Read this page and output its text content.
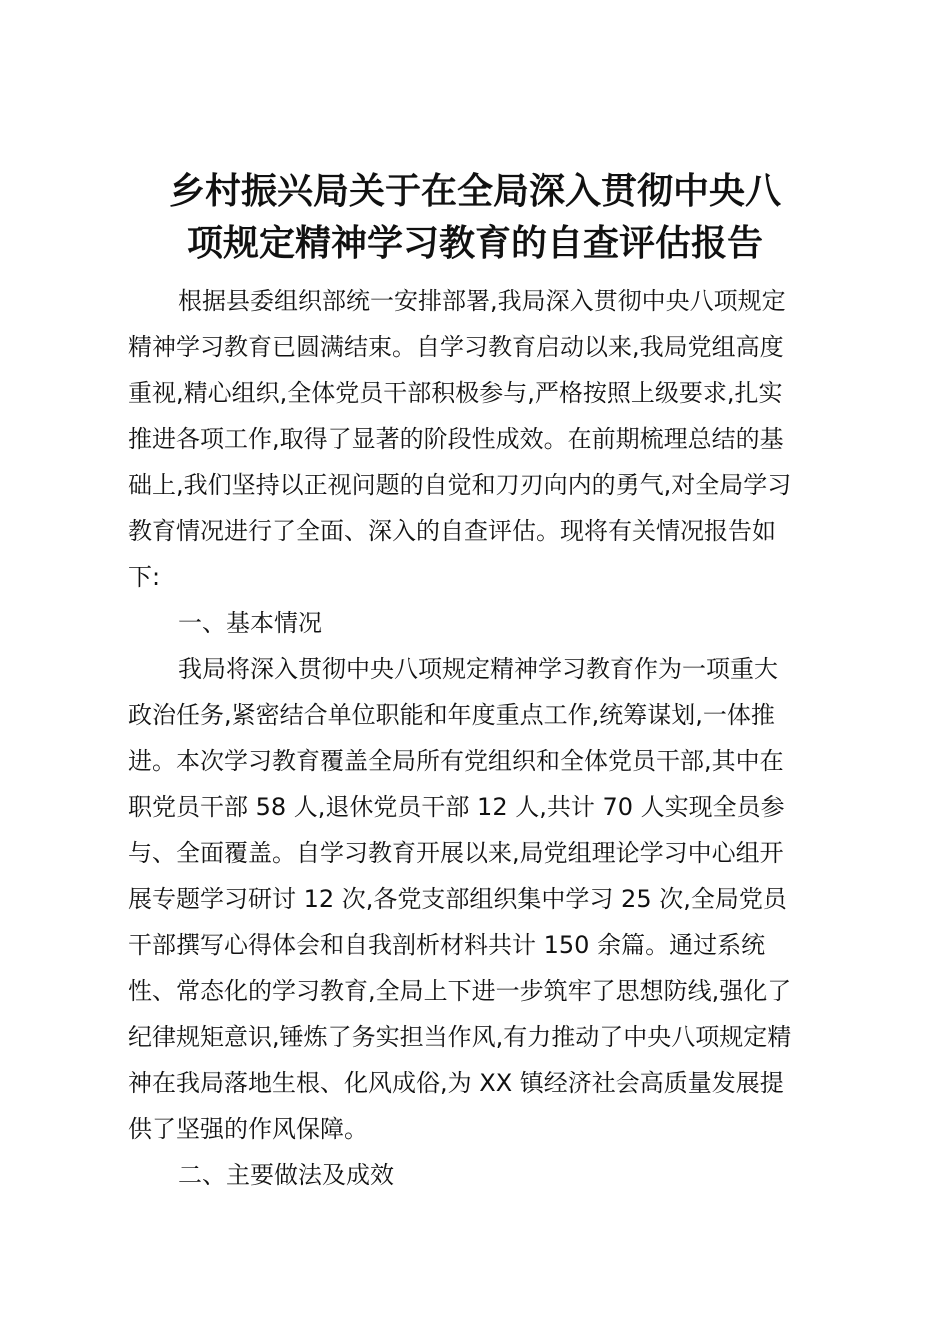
乡村振兴局关于在全局深入贯彻中央八
项规定精神学习教育的自查评估报告

根据县委组织部统一安排部署,我局深入贯彻中央八项规定
精神学习教育已圆满结束。自学习教育启动以来,我局党组高度
重视,精心组织,全体党员干部积极参与,严格按照上级要求,扎实
推进各项工作,取得了显著的阶段性成效。在前期梳理总结的基
础上,我们坚持以正视问题的自觉和刀刃向内的勇气,对全局学习
教育情况进行了全面、深入的自查评估。现将有关情况报告如
下:

一、基本情况

我局将深入贯彻中央八项规定精神学习教育作为一项重大
政治任务,紧密结合单位职能和年度重点工作,统筹谋划,一体推
进。本次学习教育覆盖全局所有党组织和全体党员干部,其中在
职党员干部 58 人,退休党员干部 12 人,共计 70 人实现全员参
与、全面覆盖。自学习教育开展以来,局党组理论学习中心组开
展专题学习研讨 12 次,各党支部组织集中学习 25 次,全局党员
干部撰写心得体会和自我剖析材料共计 150 余篇。通过系统
性、常态化的学习教育,全局上下进一步筑牢了思想防线,强化了
纪律规矩意识,锤炼了务实担当作风,有力推动了中央八项规定精
神在我局落地生根、化风成俗,为 XX 镇经济社会高质量发展提
供了坚强的作风保障。

二、主要做法及成效
